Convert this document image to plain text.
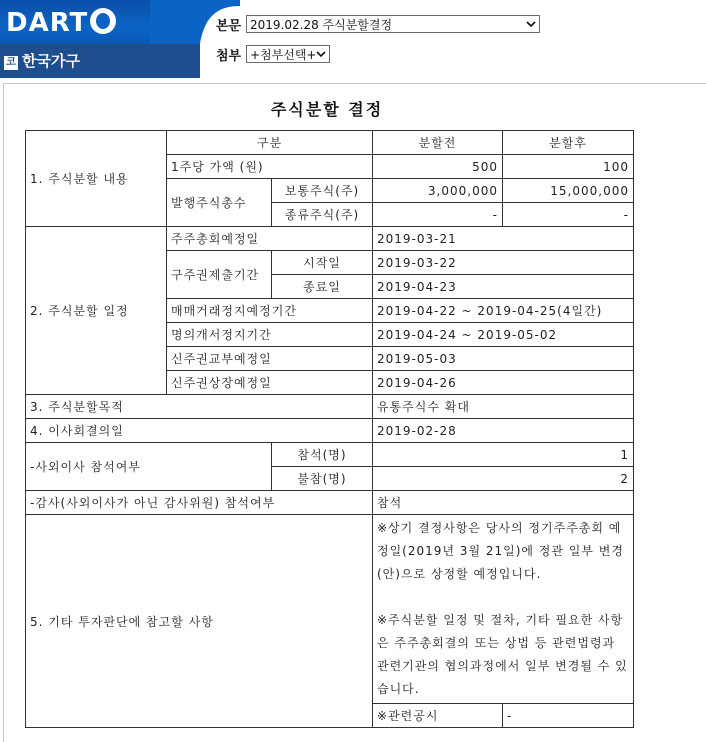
DART
코 한국가구
본문 2019.02.28 주식분할결정
첨부 +첨부선택+
주식분할 결정
1. 주식분할 내용	구분		분할전	분할후
	1주당 가액 (원)		500	100
	발행주식총수	보통주식(주)	3,000,000	15,000,000
		종류주식(주)	-	-
2. 주식분할 일정	주주총회예정일		2019-03-21	
	구주권제출기간	시작일	2019-03-22	
		종료일	2019-04-23	
	매매거래정지예정기간		2019-04-22 ~ 2019-04-25(4일간)	
	명의개서정지기간		2019-04-24 ~ 2019-05-02	
	신주권교부예정일		2019-05-03	
	신주권상장예정일		2019-04-26	
3. 주식분할목적			유통주식수 확대	
4. 이사회결의일			2019-02-28	
-사외이사 참석여부		참석(명)	1	
		불참(명)	2	
-감사(사외이사가 아닌 감사위원) 참석여부			참석	
5. 기타 투자판단에 참고할 사항			※상기 결정사항은 당사의 정기주주총회 예정일(2019년 3월 21일)에 정관 일부 변경(안)으로 상정할 예정입니다.
※주식분할 일정 및 절차, 기타 필요한 사항은 주주총회결의 또는 상법 등 관련법령과 관련기관의 협의과정에서 일부 변경될 수 있습니다.	

			※관련공시	-
